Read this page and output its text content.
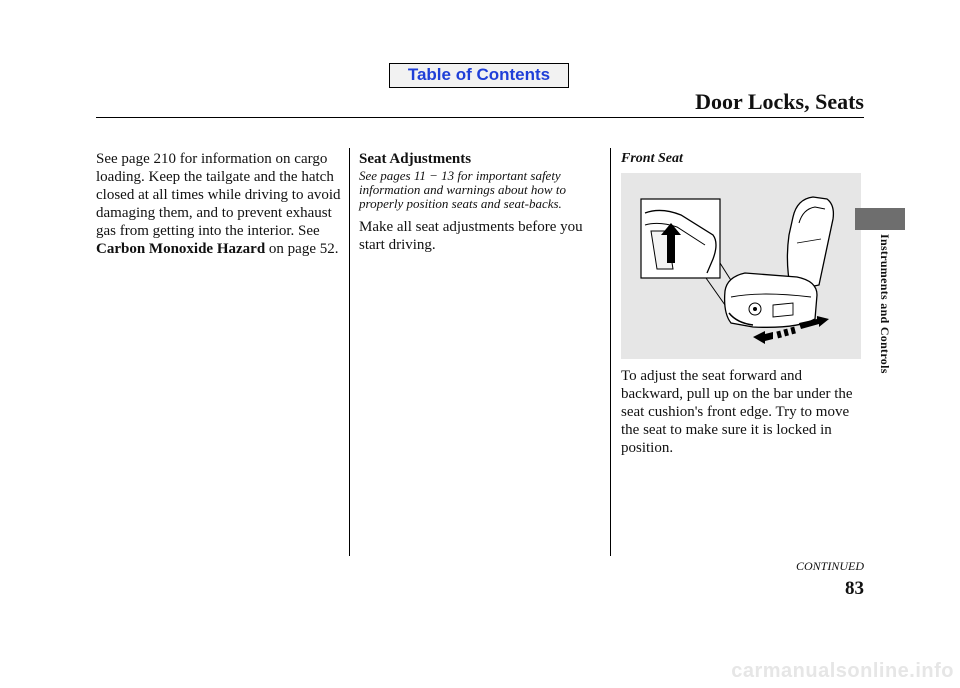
Table of Contents
Door Locks, Seats

See page 210 for information on cargo loading. Keep the tailgate and the hatch closed at all times while driving to avoid damaging them, and to prevent exhaust gas from getting into the interior. See Carbon Monoxide Hazard on page 52.

Seat Adjustments
See pages 11 − 13 for important safety information and warnings about how to properly position seats and seat-backs.

Make all seat adjustments before you start driving.

Front Seat

To adjust the seat forward and backward, pull up on the bar under the seat cushion's front edge. Try to move the seat to make sure it is locked in position.

Instruments and Controls
CONTINUED
83
carmanualsonline.info
